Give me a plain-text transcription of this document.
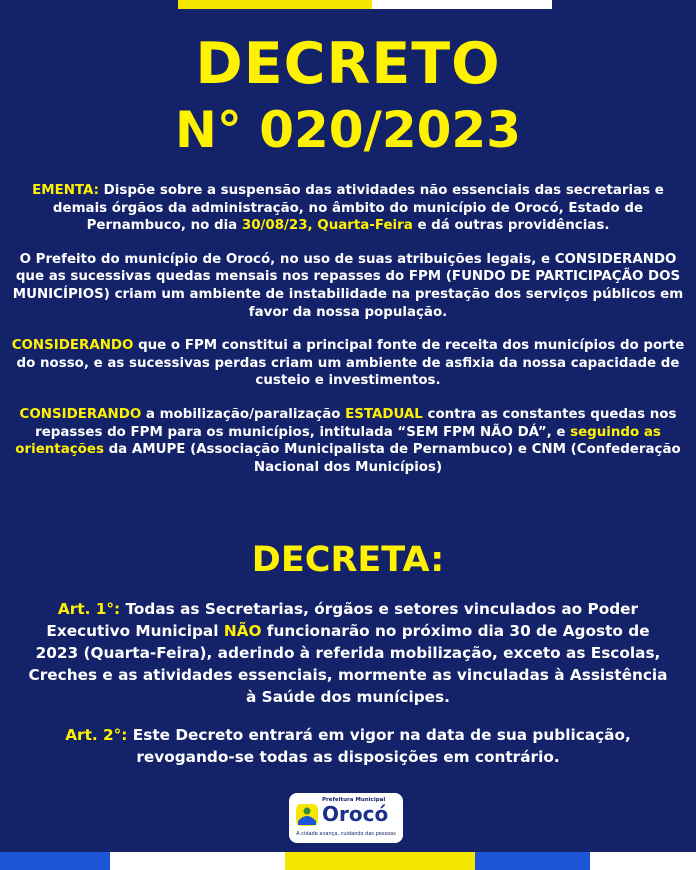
DECRETO
N° 020/2023

EMENTA: Dispõe sobre a suspensão das atividades não essenciais das secretarias e demais órgãos da administração, no âmbito do município de Orocó, Estado de Pernambuco, no dia 30/08/23, Quarta-Feira e dá outras providências.

O Prefeito do município de Orocó, no uso de suas atribuições legais, e CONSIDERANDO que as sucessivas quedas mensais nos repasses do FPM (FUNDO DE PARTICIPAÇÃO DOS MUNICÍPIOS) criam um ambiente de instabilidade na prestação dos serviços públicos em favor da nossa população.

CONSIDERANDO que o FPM constitui a principal fonte de receita dos municípios do porte do nosso, e as sucessivas perdas criam um ambiente de asfixia da nossa capacidade de custeio e investimentos.

CONSIDERANDO a mobilização/paralização ESTADUAL contra as constantes quedas nos repasses do FPM para os municípios, intitulada “SEM FPM NÃO DÁ”, e seguindo as orientações da AMUPE (Associação Municipalista de Pernambuco) e CNM (Confederação Nacional dos Municípios)

DECRETA:

Art. 1°: Todas as Secretarias, órgãos e setores vinculados ao Poder Executivo Municipal NÃO funcionarão no próximo dia 30 de Agosto de 2023 (Quarta-Feira), aderindo à referida mobilização, exceto as Escolas, Creches e as atividades essenciais, mormente as vinculadas à Assistência à Saúde dos munícipes.

Art. 2°: Este Decreto entrará em vigor na data de sua publicação, revogando-se todas as disposições em contrário.

Prefeitura Municipal
Orocó
A cidade avança, cuidando das pessoas
